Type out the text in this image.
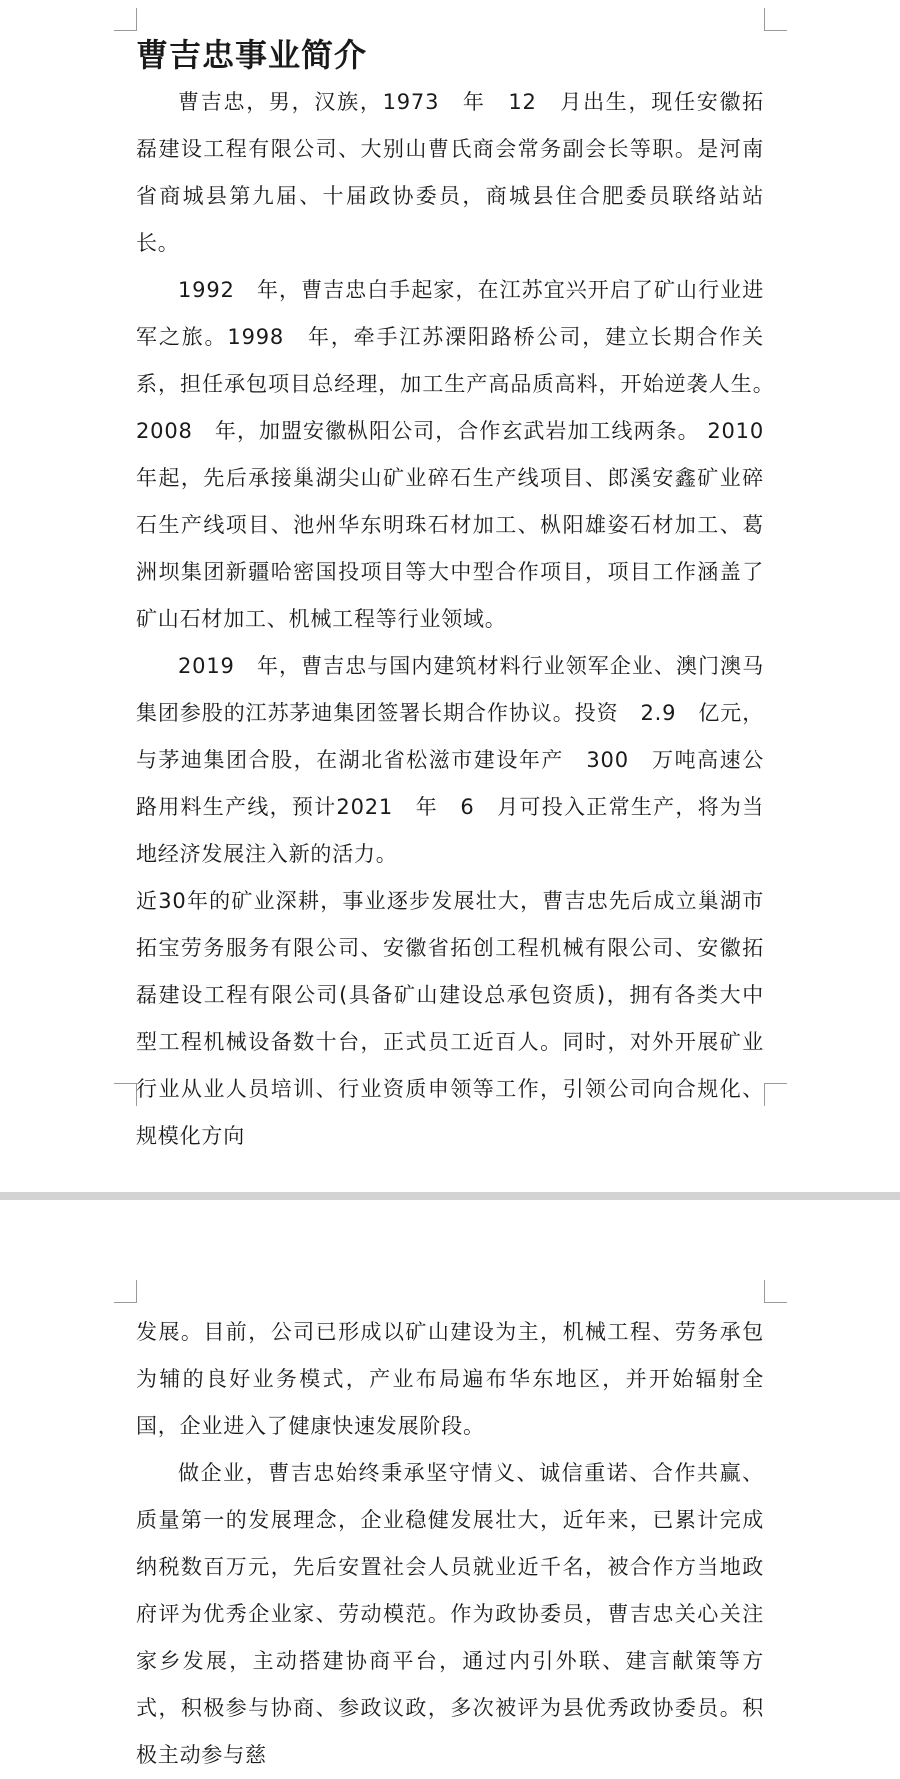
曹吉忠事业简介

曹吉忠，男，汉族，1973　年　12　月出生，现任安徽拓磊建设工程有限公司、大别山曹氏商会常务副会长等职。是河南省商城县第九届、十届政协委员，商城县住合肥委员联络站站长。

1992　年，曹吉忠白手起家，在江苏宜兴开启了矿山行业进军之旅。1998　年，牵手江苏溧阳路桥公司，建立长期合作关系，担任承包项目总经理，加工生产高品质高料，开始逆袭人生。　2008　年，加盟安徽枞阳公司，合作玄武岩加工线两条。 2010　年起，先后承接巢湖尖山矿业碎石生产线项目、郎溪安鑫矿业碎石生产线项目、池州华东明珠石材加工、枞阳雄姿石材加工、葛洲坝集团新疆哈密国投项目等大中型合作项目，项目工作涵盖了矿山石材加工、机械工程等行业领域。

2019　年，曹吉忠与国内建筑材料行业领军企业、澳门澳马集团参股的江苏茅迪集团签署长期合作协议。投资　2.9　亿元，与茅迪集团合股，在湖北省松滋市建设年产　300　万吨高速公路用料生产线，预计2021　年　6　月可投入正常生产，将为当地经济发展注入新的活力。

近30年的矿业深耕，事业逐步发展壮大，曹吉忠先后成立巢湖市拓宝劳务服务有限公司、安徽省拓创工程机械有限公司、安徽拓磊建设工程有限公司(具备矿山建设总承包资质)，拥有各类大中型工程机械设备数十台，正式员工近百人。同时，对外开展矿业行业从业人员培训、行业资质申领等工作，引领公司向合规化、规模化方向

发展。目前，公司已形成以矿山建设为主，机械工程、劳务承包为辅的良好业务模式，产业布局遍布华东地区，并开始辐射全国，企业进入了健康快速发展阶段。

做企业，曹吉忠始终秉承坚守情义、诚信重诺、合作共赢、质量第一的发展理念，企业稳健发展壮大，近年来，已累计完成纳税数百万元，先后安置社会人员就业近千名，被合作方当地政府评为优秀企业家、劳动模范。作为政协委员，曹吉忠关心关注家乡发展，主动搭建协商平台，通过内引外联、建言献策等方式，积极参与协商、参政议政，多次被评为县优秀政协委员。积极主动参与慈
